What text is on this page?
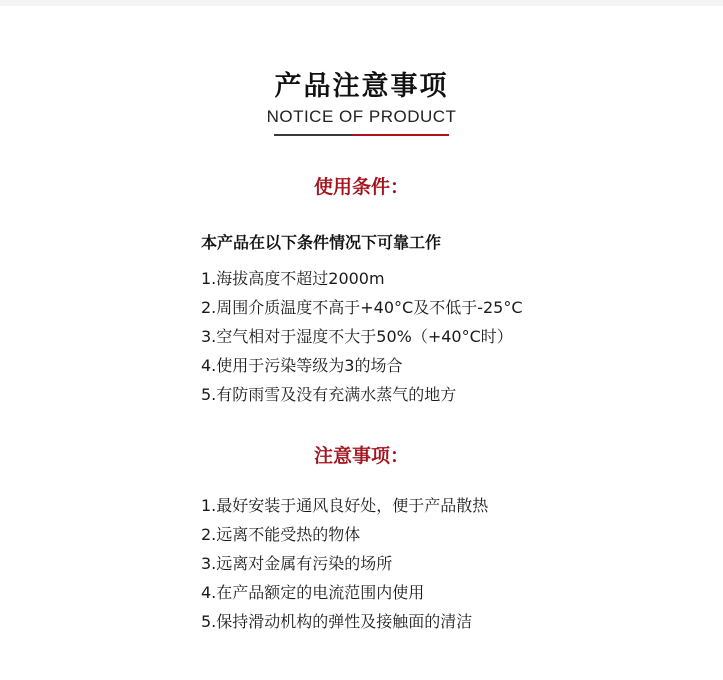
产品注意事项
NOTICE OF PRODUCT
使用条件：
本产品在以下条件情况下可靠工作
1.海拔高度不超过2000m
2.周围介质温度不高于+40°C及不低于-25°C
3.空气相对于湿度不大于50%（+40°C时）
4.使用于污染等级为3的场合
5.有防雨雪及没有充满水蒸气的地方
注意事项：
1.最好安装于通风良好处，便于产品散热
2.远离不能受热的物体
3.远离对金属有污染的场所
4.在产品额定的电流范围内使用
5.保持滑动机构的弹性及接触面的清洁
